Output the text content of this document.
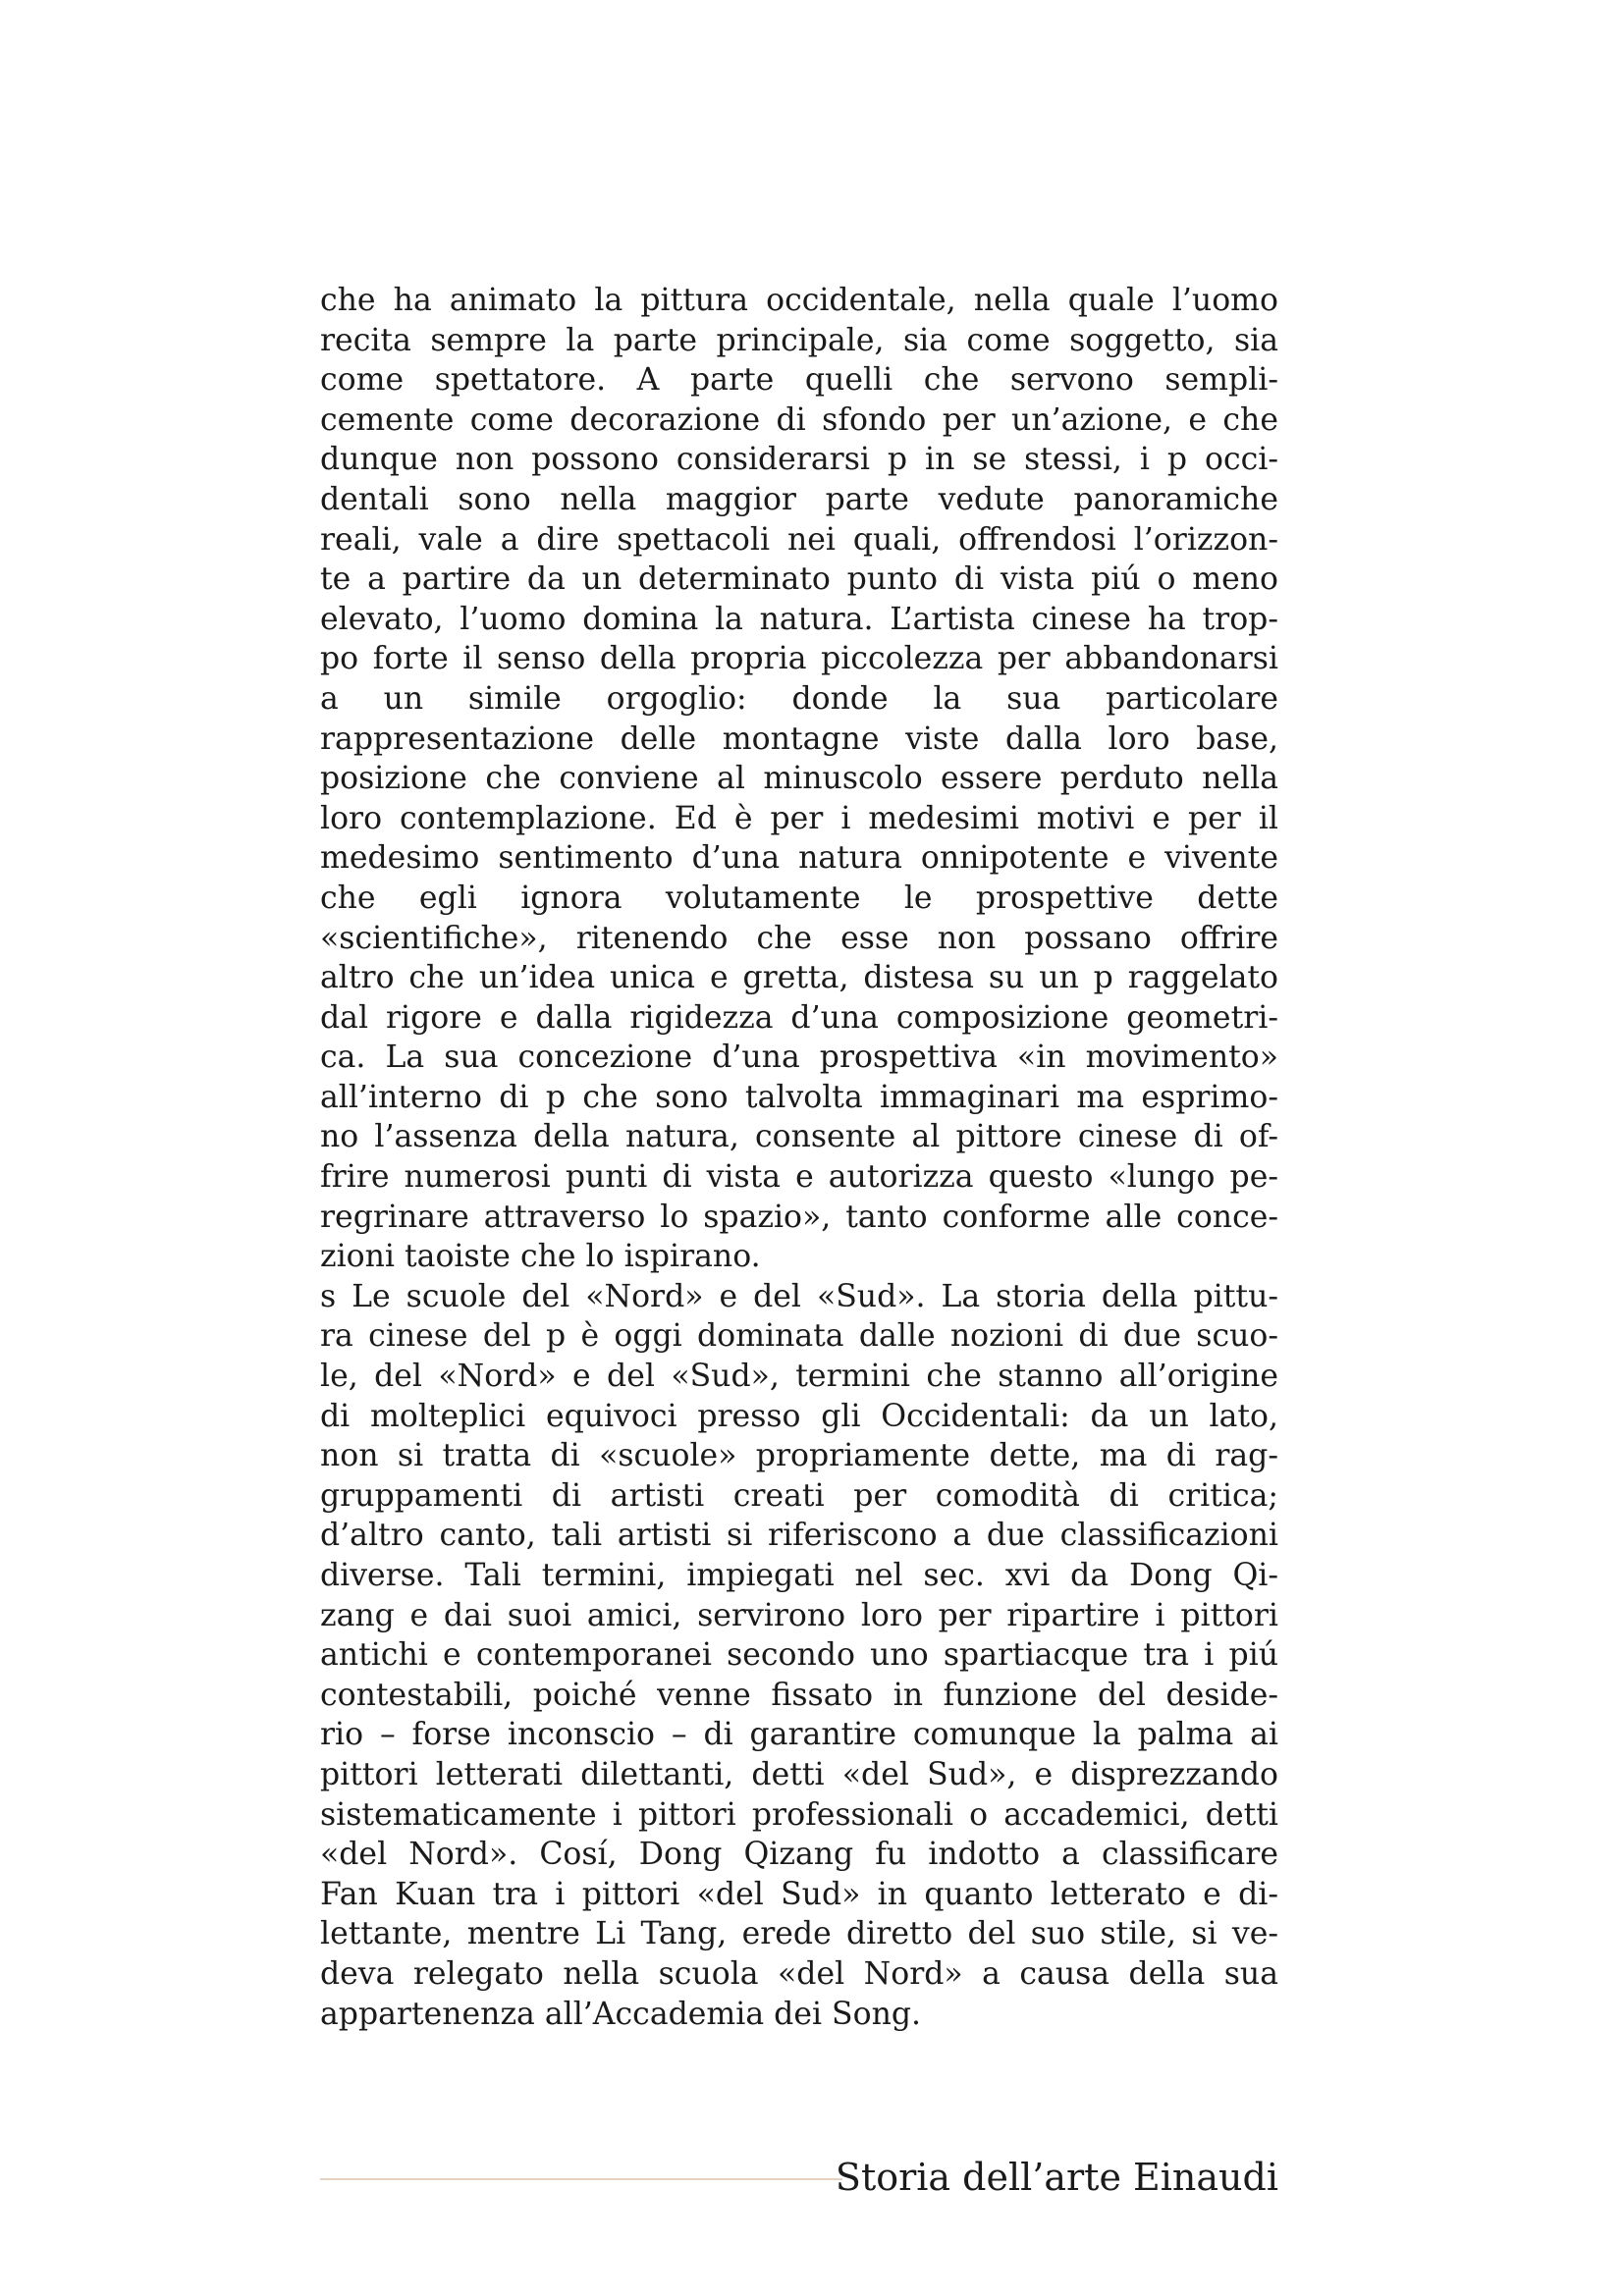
che ha animato la pittura occidentale, nella quale l’uomo
recita sempre la parte principale, sia come soggetto, sia
come spettatore. A parte quelli che servono sempli-
cemente come decorazione di sfondo per un’azione, e che
dunque non possono considerarsi p in se stessi, i p occi-
dentali sono nella maggior parte vedute panoramiche
reali, vale a dire spettacoli nei quali, offrendosi l’orizzon-
te a partire da un determinato punto di vista piú o meno
elevato, l’uomo domina la natura. L’artista cinese ha trop-
po forte il senso della propria piccolezza per abbandonarsi
a un simile orgoglio: donde la sua particolare
rappresentazione delle montagne viste dalla loro base,
posizione che conviene al minuscolo essere perduto nella
loro contemplazione. Ed è per i medesimi motivi e per il
medesimo sentimento d’una natura onnipotente e vivente
che egli ignora volutamente le prospettive dette
«scientifiche», ritenendo che esse non possano offrire
altro che un’idea unica e gretta, distesa su un p raggelato
dal rigore e dalla rigidezza d’una composizione geometri-
ca. La sua concezione d’una prospettiva «in movimento»
all’interno di p che sono talvolta immaginari ma esprimo-
no l’assenza della natura, consente al pittore cinese di of-
frire numerosi punti di vista e autorizza questo «lungo pe-
regrinare attraverso lo spazio», tanto conforme alle conce-
zioni taoiste che lo ispirano.
s Le scuole del «Nord» e del «Sud». La storia della pittu-
ra cinese del p è oggi dominata dalle nozioni di due scuo-
le, del «Nord» e del «Sud», termini che stanno all’origine
di molteplici equivoci presso gli Occidentali: da un lato,
non si tratta di «scuole» propriamente dette, ma di rag-
gruppamenti di artisti creati per comodità di critica;
d’altro canto, tali artisti si riferiscono a due classificazioni
diverse. Tali termini, impiegati nel sec. xvi da Dong Qi-
zang e dai suoi amici, servirono loro per ripartire i pittori
antichi e contemporanei secondo uno spartiacque tra i piú
contestabili, poiché venne fissato in funzione del deside-
rio – forse inconscio – di garantire comunque la palma ai
pittori letterati dilettanti, detti «del Sud», e disprezzando
sistematicamente i pittori professionali o accademici, detti
«del Nord». Cosí, Dong Qizang fu indotto a classificare
Fan Kuan tra i pittori «del Sud» in quanto letterato e di-
lettante, mentre Li Tang, erede diretto del suo stile, si ve-
deva relegato nella scuola «del Nord» a causa della sua
appartenenza all’Accademia dei Song.
Storia dell’arte Einaudi
